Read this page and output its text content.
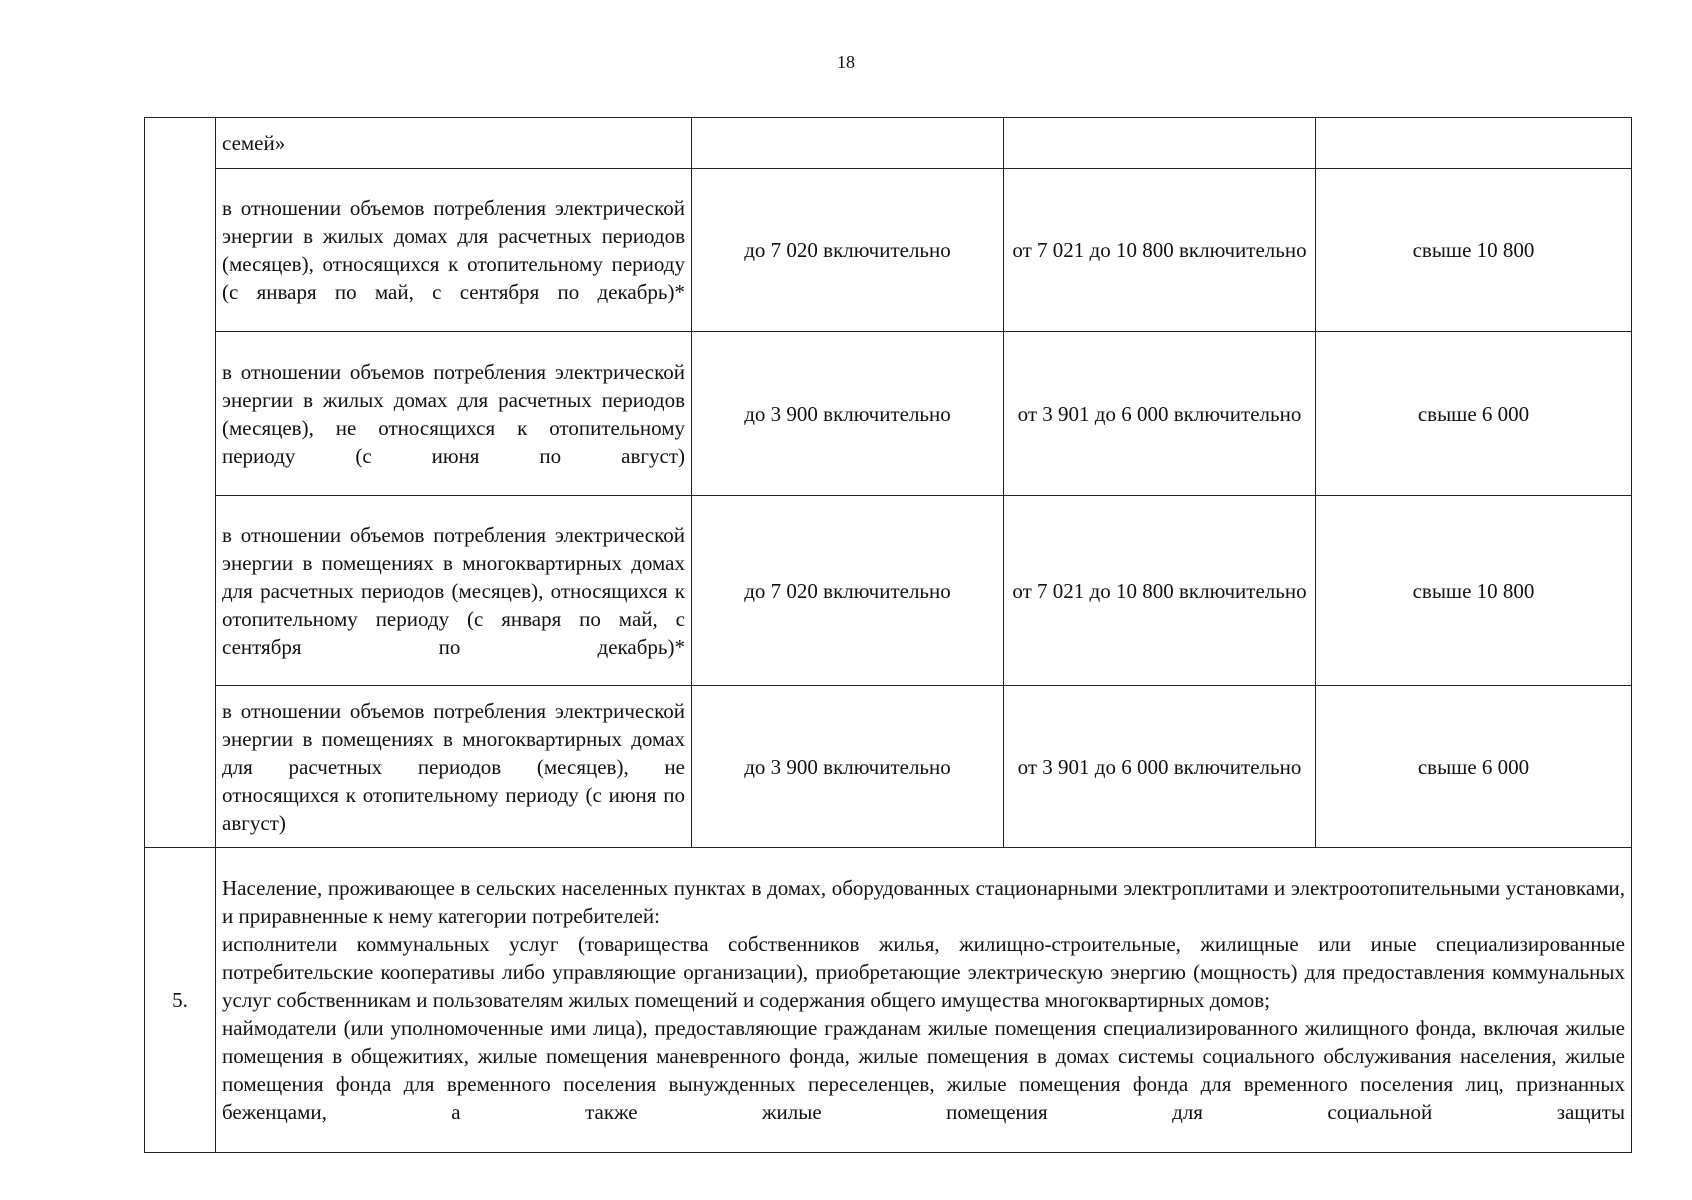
18
	семей»			
	в отношении объемов потребления электрической энергии в жилых домах для расчетных периодов (месяцев), относящихся к отопительному периоду (с января по май, с сентября по декабрь)*	до 7 020 включительно	от 7 021 до 10 800 включительно	свыше 10 800
	в отношении объемов потребления электрической энергии в жилых домах для расчетных периодов (месяцев), не относящихся к отопительному периоду (с июня по август)	до 3 900 включительно	от 3 901 до 6 000 включительно	свыше 6 000
	в отношении объемов потребления электрической энергии в помещениях в многоквартирных домах для расчетных периодов (месяцев), относящихся к отопительному периоду (с января по май, с сентября по декабрь)*	до 7 020 включительно	от 7 021 до 10 800 включительно	свыше 10 800
	в отношении объемов потребления электрической энергии в помещениях в многоквартирных домах для расчетных периодов (месяцев), не относящихся к отопительному периоду (с июня по август)	до 3 900 включительно	от 3 901 до 6 000 включительно	свыше 6 000
5.	Население, проживающее в сельских населенных пунктах в домах, оборудованных стационарными электроплитами и электроотопительными установками, и приравненные к нему категории потребителей:
исполнители коммунальных услуг (товарищества собственников жилья, жилищно-строительные, жилищные или иные специализированные потребительские кооперативы либо управляющие организации), приобретающие электрическую энергию (мощность) для предоставления коммунальных услуг собственникам и пользователям жилых помещений и содержания общего имущества многоквартирных домов;
наймодатели (или уполномоченные ими лица), предоставляющие гражданам жилые помещения специализированного жилищного фонда, включая жилые помещения в общежитиях, жилые помещения маневренного фонда, жилые помещения в домах системы социального обслуживания населения, жилые помещения фонда для временного поселения вынужденных переселенцев, жилые помещения фонда для временного поселения лиц, признанных беженцами, а также жилые помещения для социальной защиты			
